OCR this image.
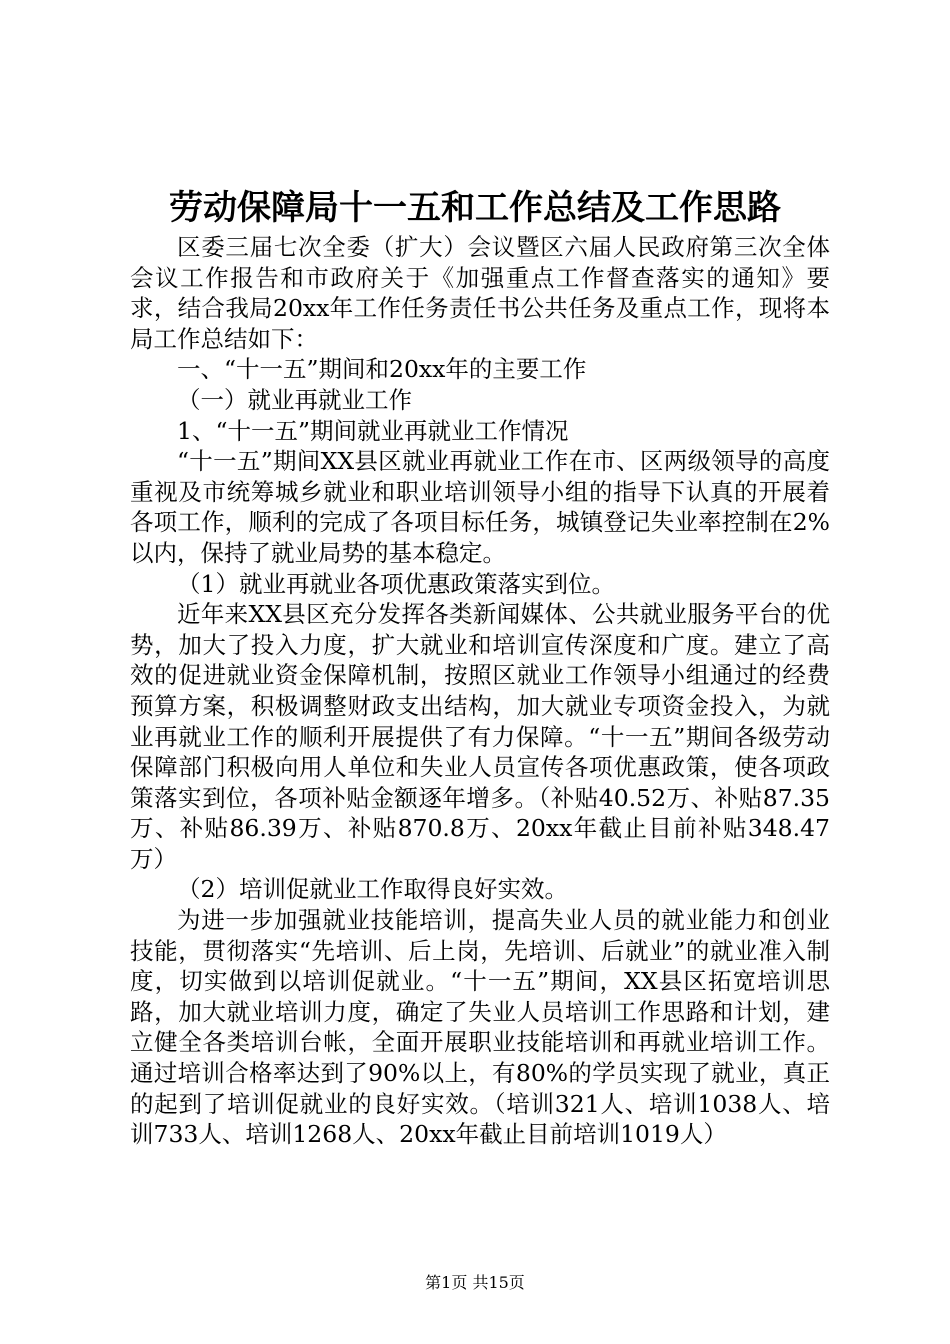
劳动保障局十一五和工作总结及工作思路

区委三届七次全委（扩大）会议暨区六届人民政府第三次全体会议工作报告和市政府关于《加强重点工作督查落实的通知》要求，结合我局20xx年工作任务责任书公共任务及重点工作，现将本局工作总结如下：

一、“十一五”期间和20xx年的主要工作

（一）就业再就业工作

1、“十一五”期间就业再就业工作情况

“十一五”期间XX县区就业再就业工作在市、区两级领导的高度重视及市统筹城乡就业和职业培训领导小组的指导下认真的开展着各项工作，顺利的完成了各项目标任务，城镇登记失业率控制在2%以内，保持了就业局势的基本稳定。

（1）就业再就业各项优惠政策落实到位。

近年来XX县区充分发挥各类新闻媒体、公共就业服务平台的优势，加大了投入力度，扩大就业和培训宣传深度和广度。建立了高效的促进就业资金保障机制，按照区就业工作领导小组通过的经费预算方案，积极调整财政支出结构，加大就业专项资金投入，为就业再就业工作的顺利开展提供了有力保障。“十一五”期间各级劳动保障部门积极向用人单位和失业人员宣传各项优惠政策，使各项政策落实到位，各项补贴金额逐年增多。（补贴40.52万、补贴87.35万、补贴86.39万、补贴870.8万、20xx年截止目前补贴348.47万）

（2）培训促就业工作取得良好实效。

为进一步加强就业技能培训，提高失业人员的就业能力和创业技能，贯彻落实“先培训、后上岗，先培训、后就业”的就业准入制度，切实做到以培训促就业。“十一五”期间，XX县区拓宽培训思路，加大就业培训力度，确定了失业人员培训工作思路和计划，建立健全各类培训台帐，全面开展职业技能培训和再就业培训工作。通过培训合格率达到了90%以上，有80%的学员实现了就业，真正的起到了培训促就业的良好实效。（培训321人、培训1038人、培训733人、培训1268人、20xx年截止目前培训1019人）

第1页 共15页
